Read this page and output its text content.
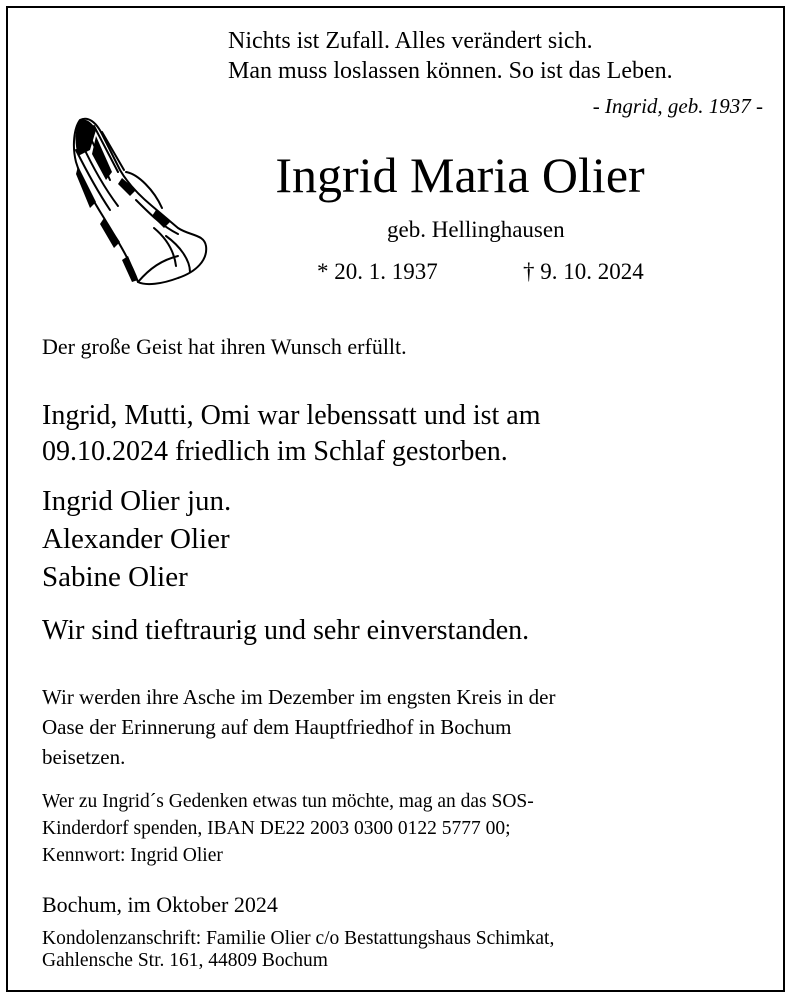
Nichts ist Zufall. Alles verändert sich.
Man muss loslassen können. So ist das Leben.
- Ingrid, geb. 1937 -
Ingrid Maria Olier
geb. Hellinghausen
* 20. 1. 1937	† 9. 10. 2024
Der große Geist hat ihren Wunsch erfüllt.
Ingrid, Mutti, Omi war lebenssatt und ist am
09.10.2024 friedlich im Schlaf gestorben.
Ingrid Olier jun.
Alexander Olier
Sabine Olier
Wir sind tieftraurig und sehr einverstanden.
Wir werden ihre Asche im Dezember im engsten Kreis in der
Oase der Erinnerung auf dem Hauptfriedhof in Bochum
beisetzen.
Wer zu Ingrid´s Gedenken etwas tun möchte, mag an das SOS-
Kinderdorf spenden, IBAN DE22 2003 0300 0122 5777 00;
Kennwort: Ingrid Olier
Bochum, im Oktober 2024
Kondolenzanschrift: Familie Olier c/o Bestattungshaus Schimkat,
Gahlensche Str. 161, 44809 Bochum
